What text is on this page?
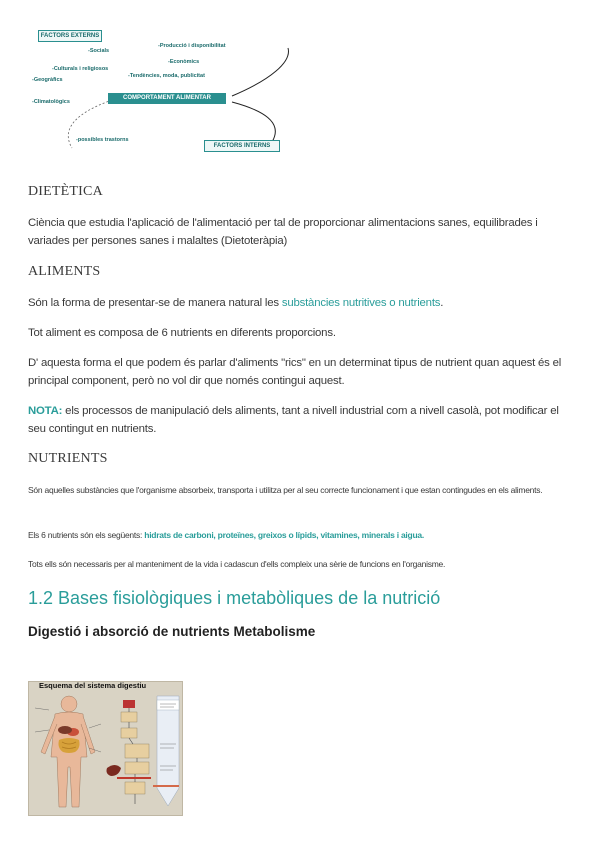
FACTORS EXTERNS
-Socials
-Producció i disponibilitat
-Econòmics
-Culturals i religiosos
-Tendències, moda, publicitat
-Geogràfics
-Climatològics
COMPORTAMENT ALIMENTAR
-possibles trastorns
FACTORS INTERNS
DIETÈTICA

Ciència que estudia l'aplicació de l'alimentació per tal de proporcionar alimentacions sanes, equilibrades i variades per persones sanes i malaltes (Dietoteràpia)

ALIMENTS

Són la forma de presentar-se de manera natural les substàncies nutritives o nutrients.

Tot aliment es composa de 6 nutrients en diferents proporcions.

D' aquesta forma el que podem és parlar d'aliments "rics" en un determinat tipus de nutrient quan aquest és el principal component, però no vol dir que només contingui aquest.

NOTA: els processos de manipulació dels aliments, tant a nivell industrial com a nivell casolà, pot modificar el seu contingut en nutrients.

NUTRIENTS

Són aquelles substàncies que l'organisme absorbeix, transporta i utilitza per al seu correcte funcionament i que estan contingudes en els aliments.

Els 6 nutrients són els següents: hidrats de carboni, proteïnes, greixos o lípids, vitamines, minerals i aigua.

Tots ells són necessaris per al manteniment de la vida i cadascun d'ells compleix una sèrie de funcions en l'organisme.

1.2 Bases fisiològiques i metabòliques de la nutrició
Digestió i absorció de nutrients Metabolisme
Esquema del sistema digestiu
